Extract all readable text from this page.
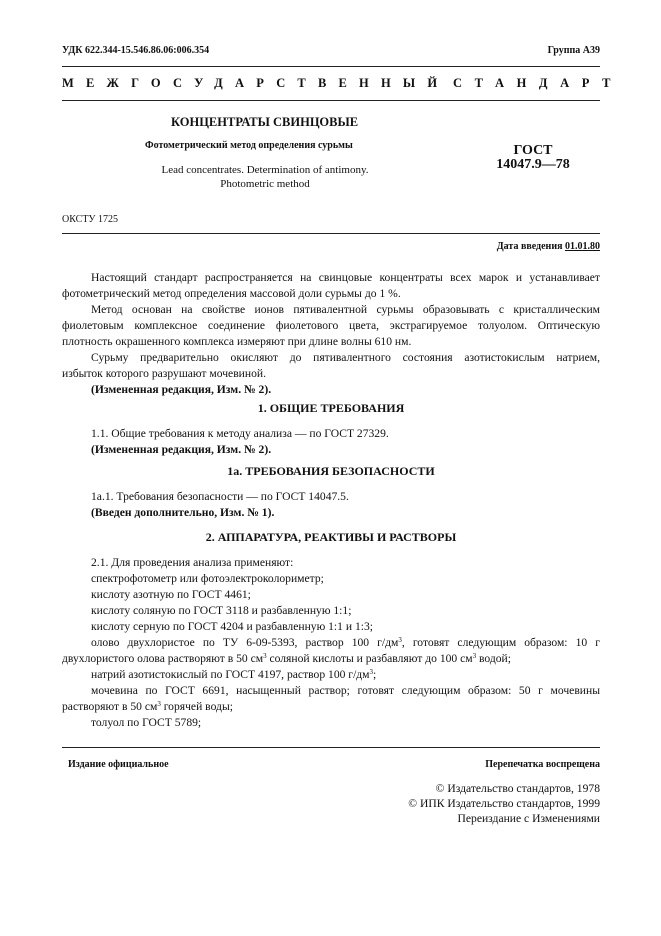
УДК 622.344-15.546.86.06:006.354	Группа А39
МЕЖГОСУДАРСТВЕННЫЙ СТАНДАРТ
КОНЦЕНТРАТЫ СВИНЦОВЫЕ
Фотометрический метод определения сурьмы
Lead concentrates. Determination of antimony.
Photometric method
ГОСТ
14047.9—78
ОКСТУ 1725
Дата введения 01.01.80
Настоящий стандарт распространяется на свинцовые концентраты всех марок и устанавливает
фотометрический метод определения массовой доли сурьмы до 1 %.
Метод основан на свойстве ионов пятивалентной сурьмы образовывать с кристаллическим
фиолетовым комплексное соединение фиолетового цвета, экстрагируемое толуолом. Оптическую
плотность окрашенного комплекса измеряют при длине волны 610 нм.
Сурьму предварительно окисляют до пятивалентного состояния азотистокислым натрием,
избыток которого разрушают мочевиной.
(Измененная редакция, Изм. № 2).
1. ОБЩИЕ ТРЕБОВАНИЯ
1.1. Общие требования к методу анализа — по ГОСТ 27329.
(Измененная редакция, Изм. № 2).
1а. ТРЕБОВАНИЯ БЕЗОПАСНОСТИ
1а.1. Требования безопасности — по ГОСТ 14047.5.
(Введен дополнительно, Изм. № 1).
2. АППАРАТУРА, РЕАКТИВЫ И РАСТВОРЫ
2.1. Для проведения анализа применяют:
спектрофотометр или фотоэлектроколориметр;
кислоту азотную по ГОСТ 4461;
кислоту соляную по ГОСТ 3118 и разбавленную 1:1;
кислоту серную по ГОСТ 4204 и разбавленную 1:1 и 1:3;
олово двухлористое по ТУ 6-09-5393, раствор 100 $г/дм^3$, готовят следующим образом: 10 г
двухлористого олова растворяют в 50 $см^3$ соляной кислоты и разбавляют до 100 $см^3$ водой;
натрий азотистокислый по ГОСТ 4197, раствор 100 $г/дм^3$;
мочевина по ГОСТ 6691, насыщенный раствор; готовят следующим образом: 50 г мочевины
растворяют в 50 $см^3$ горячей воды;
толуол по ГОСТ 5789;
Издание официальное	Перепечатка воспрещена
© Издательство стандартов, 1978
© ИПК Издательство стандартов, 1999
Переиздание с Изменениями
